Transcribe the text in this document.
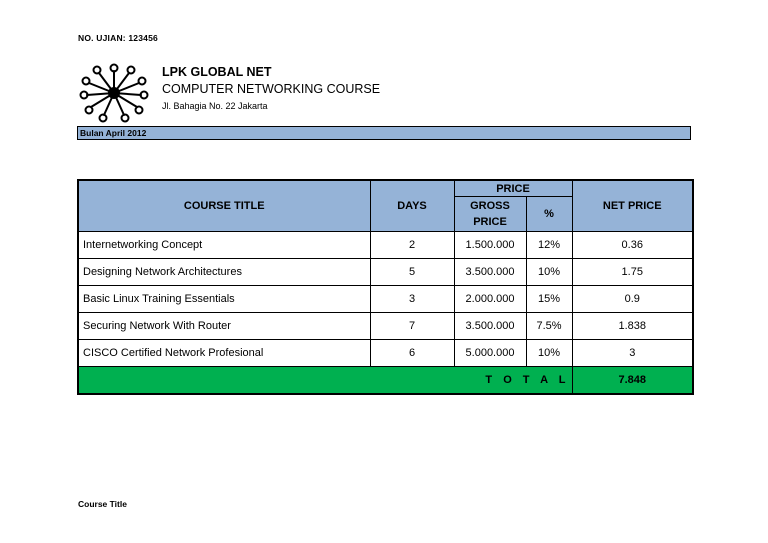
NO. UJIAN: 123456
LPK GLOBAL NET
COMPUTER NETWORKING COURSE
Jl. Bahagia No. 22 Jakarta
Bulan April 2012
COURSE TITLE	DAYS	PRICE		NET PRICE
		GROSS PRICE	%	
Internetworking Concept	2	1.500.000	12%	0.36
Designing Network Architectures	5	3.500.000	10%	1.75
Basic Linux Training Essentials	3	2.000.000	15%	0.9
Securing Network With Router	7	3.500.000	7.5%	1.838
CISCO Certified Network Profesional	6	5.000.000	10%	3
T O T A L				7.848
Course Title
